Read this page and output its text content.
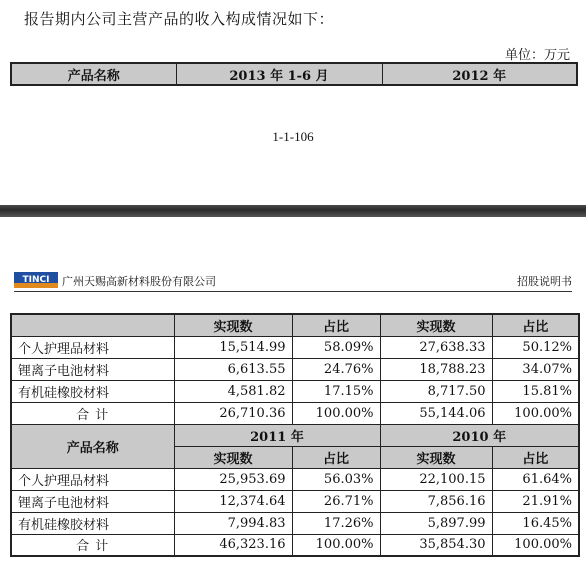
报告期内公司主营产品的收入构成情况如下：
单位：万元
产品名称	2013 年 1-6 月	2012 年
1-1-106
TINCI 广州天赐高新材料股份有限公司	招股说明书
	实现数	占比	实现数	占比
个人护理品材料	15,514.99	58.09%	27,638.33	50.12%
锂离子电池材料	6,613.55	24.76%	18,788.23	34.07%
有机硅橡胶材料	4,581.82	17.15%	8,717.50	15.81%
合 计	26,710.36	100.00%	55,144.06	100.00%
产品名称	2011 年		2010 年	
	实现数	占比	实现数	占比
个人护理品材料	25,953.69	56.03%	22,100.15	61.64%
锂离子电池材料	12,374.64	26.71%	7,856.16	21.91%
有机硅橡胶材料	7,994.83	17.26%	5,897.99	16.45%
合 计	46,323.16	100.00%	35,854.30	100.00%
